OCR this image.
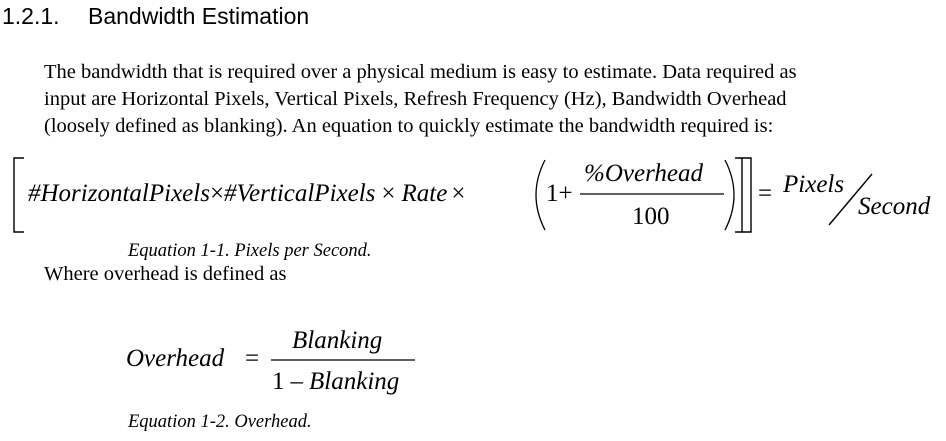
1.2.1. Bandwidth Estimation
The bandwidth that is required over a physical medium is easy to estimate. Data required as
input are Horizontal Pixels, Vertical Pixels, Refresh Frequency (Hz), Bandwidth Overhead
(loosely defined as blanking). An equation to quickly estimate the bandwidth required is:
#HorizontalPixels×#VerticalPixels × Rate ×	1+
%Overhead
100
= Pixels
Second
Equation 1-1. Pixels per Second.
Where overhead is defined as
Overhead =
Blanking
1 – Blanking
Equation 1-2. Overhead.
